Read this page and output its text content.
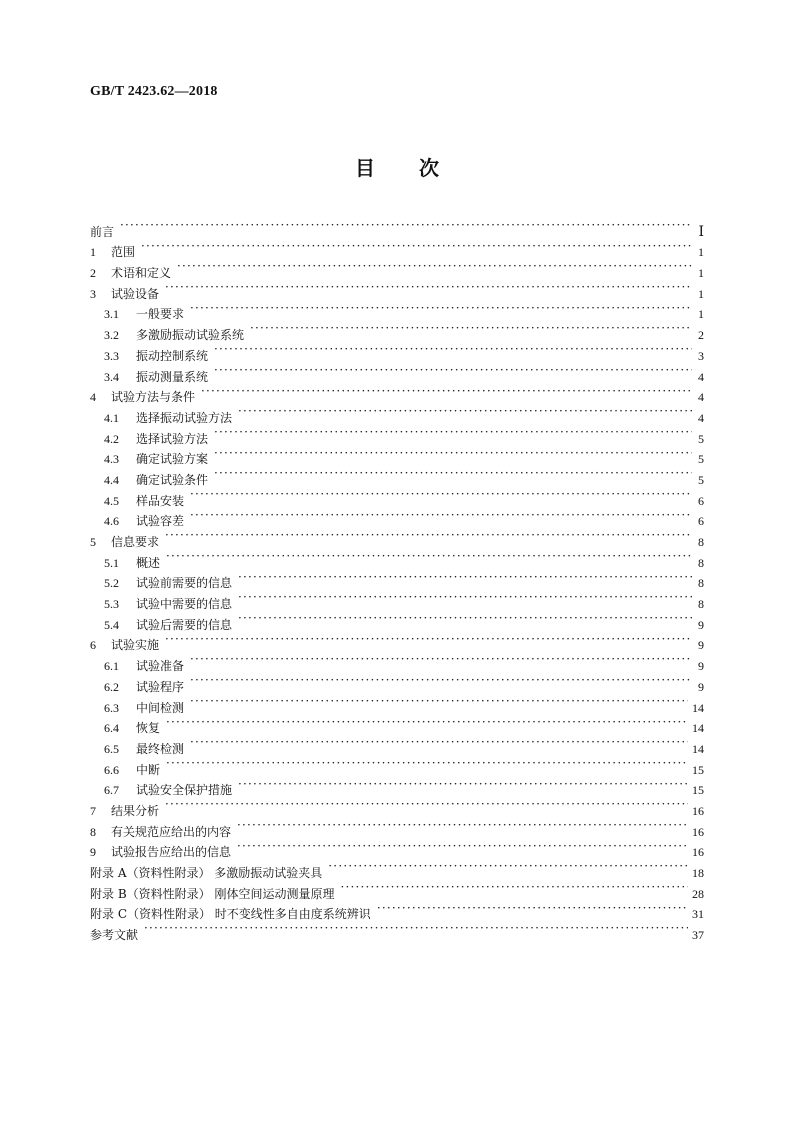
GB/T 2423.62—2018
目 次
前言 ·····	Ⅰ
1	范围 ·····	1
2	术语和定义 ·····	1
3	试验设备 ·····	1
3.1	一般要求 ·····	1
3.2	多激励振动试验系统 ·····	2
3.3	振动控制系统 ·····	3
3.4	振动测量系统 ·····	4
4	试验方法与条件 ·····	4
4.1	选择振动试验方法 ·····	4
4.2	选择试验方法 ·····	5
4.3	确定试验方案 ·····	5
4.4	确定试验条件 ·····	5
4.5	样品安装 ·····	6
4.6	试验容差 ·····	6
5	信息要求 ·····	8
5.1	概述 ·····	8
5.2	试验前需要的信息 ·····	8
5.3	试验中需要的信息 ·····	8
5.4	试验后需要的信息 ·····	9
6	试验实施 ·····	9
6.1	试验准备 ·····	9
6.2	试验程序 ·····	9
6.3	中间检测 ·····	14
6.4	恢复 ·····	14
6.5	最终检测 ·····	14
6.6	中断 ·····	15
6.7	试验安全保护措施 ·····	15
7	结果分析 ·····	16
8	有关规范应给出的内容 ·····	16
9	试验报告应给出的信息 ·····	16
附录 A（资料性附录） 多激励振动试验夹具 ·····	18
附录 B（资料性附录） 刚体空间运动测量原理 ·····	28
附录 C（资料性附录） 时不变线性多自由度系统辨识 ·····	31
参考文献 ·····	37
